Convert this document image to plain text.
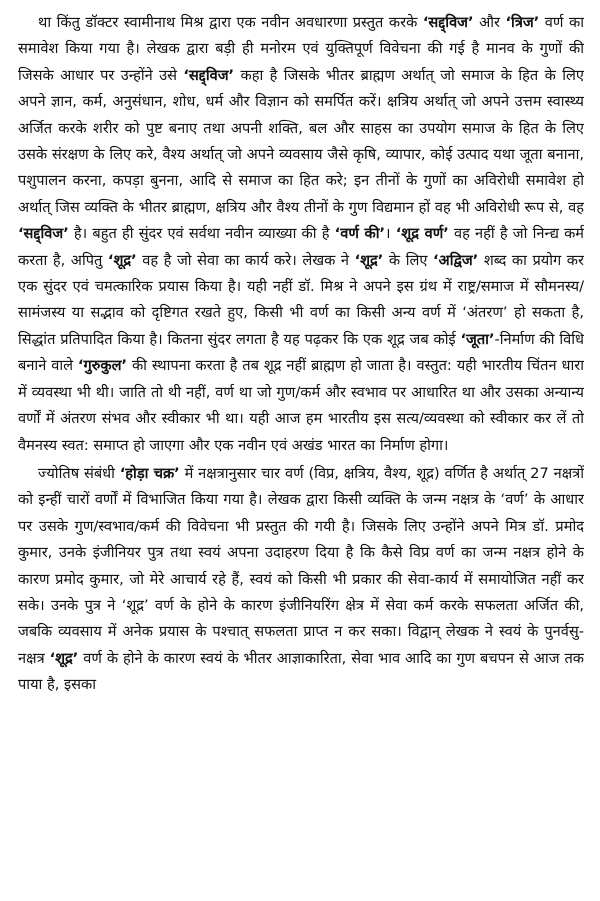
था किंतु डॉक्टर स्वामीनाथ मिश्र द्वारा एक नवीन अवधारणा प्रस्तुत करके ‘सद्द्विज’ और ‘त्रिज’ वर्ण का समावेश किया गया है। लेखक द्वारा बड़ी ही मनोरम एवं युक्तिपूर्ण विवेचना की गई है मानव के गुणों की जिसके आधार पर उन्होंने उसे ‘सद्द्विज’ कहा है जिसके भीतर ब्राह्मण अर्थात् जो समाज के हित के लिए अपने ज्ञान, कर्म, अनुसंधान, शोध, धर्म और विज्ञान को समर्पित करें। क्षत्रिय अर्थात् जो अपने उत्तम स्वास्थ्य अर्जित करके शरीर को पुष्ट बनाए तथा अपनी शक्ति, बल और साहस का उपयोग समाज के हित के लिए उसके संरक्षण के लिए करे, वैश्य अर्थात् जो अपने व्यवसाय जैसे कृषि, व्यापार, कोई उत्पाद यथा जूता बनाना, पशुपालन करना, कपड़ा बुनना, आदि से समाज का हित करे; इन तीनों के गुणों का अविरोधी समावेश हो अर्थात् जिस व्यक्ति के भीतर ब्राह्मण, क्षत्रिय और वैश्य तीनों के गुण विद्यमान हों वह भी अविरोधी रूप से, वह ‘सद्द्विज’ है। बहुत ही सुंदर एवं सर्वथा नवीन व्याख्या की है ‘वर्ण की’। ‘शूद्र वर्ण’ वह नहीं है जो निन्द्य कर्म करता है, अपितु ‘शूद्र’ वह है जो सेवा का कार्य करे। लेखक ने ‘शूद्र’ के लिए ‘अद्विज’ शब्द का प्रयोग कर एक सुंदर एवं चमत्कारिक प्रयास किया है। यही नहीं डॉ. मिश्र ने अपने इस ग्रंथ में राष्ट्र/समाज में सौमनस्य/सामंजस्य या सद्भाव को दृष्टिगत रखते हुए, किसी भी वर्ण का किसी अन्य वर्ण में ‘अंतरण’ हो सकता है, सिद्धांत प्रतिपादित किया है। कितना सुंदर लगता है यह पढ़कर कि एक शूद्र जब कोई ‘जूता’-निर्माण की विधि बनाने वाले ‘गुरुकुल’ की स्थापना करता है तब शूद्र नहीं ब्राह्मण हो जाता है। वस्तुत: यही भारतीय चिंतन धारा में व्यवस्था भी थी। जाति तो थी नहीं, वर्ण था जो गुण/कर्म और स्वभाव पर आधारित था और उसका अन्यान्य वर्णों में अंतरण संभव और स्वीकार भी था। यही आज हम भारतीय इस सत्य/व्यवस्था को स्वीकार कर लें तो वैमनस्य स्वत: समाप्त हो जाएगा और एक नवीन एवं अखंड भारत का निर्माण होगा।

ज्योतिष संबंधी ‘होड़ा चक्र’ में नक्षत्रानुसार चार वर्ण (विप्र, क्षत्रिय, वैश्य, शूद्र) वर्णित है अर्थात् 27 नक्षत्रों को इन्हीं चारों वर्णों में विभाजित किया गया है। लेखक द्वारा किसी व्यक्ति के जन्म नक्षत्र के ‘वर्ण’ के आधार पर उसके गुण/स्वभाव/कर्म की विवेचना भी प्रस्तुत की गयी है। जिसके लिए उन्होंने अपने मित्र डॉ. प्रमोद कुमार, उनके इंजीनियर पुत्र तथा स्वयं अपना उदाहरण दिया है कि कैसे विप्र वर्ण का जन्म नक्षत्र होने के कारण प्रमोद कुमार, जो मेरे आचार्य रहे हैं, स्वयं को किसी भी प्रकार की सेवा-कार्य में समायोजित नहीं कर सके। उनके पुत्र ने ‘शूद्र’ वर्ण के होने के कारण इंजीनियरिंग क्षेत्र में सेवा कर्म करके सफलता अर्जित की, जबकि व्यवसाय में अनेक प्रयास के पश्चात् सफलता प्राप्त न कर सका। विद्वान् लेखक ने स्वयं के पुनर्वसु-नक्षत्र ‘शूद्र’ वर्ण के होने के कारण स्वयं के भीतर आज्ञाकारिता, सेवा भाव आदि का गुण बचपन से आज तक पाया है, इसका
